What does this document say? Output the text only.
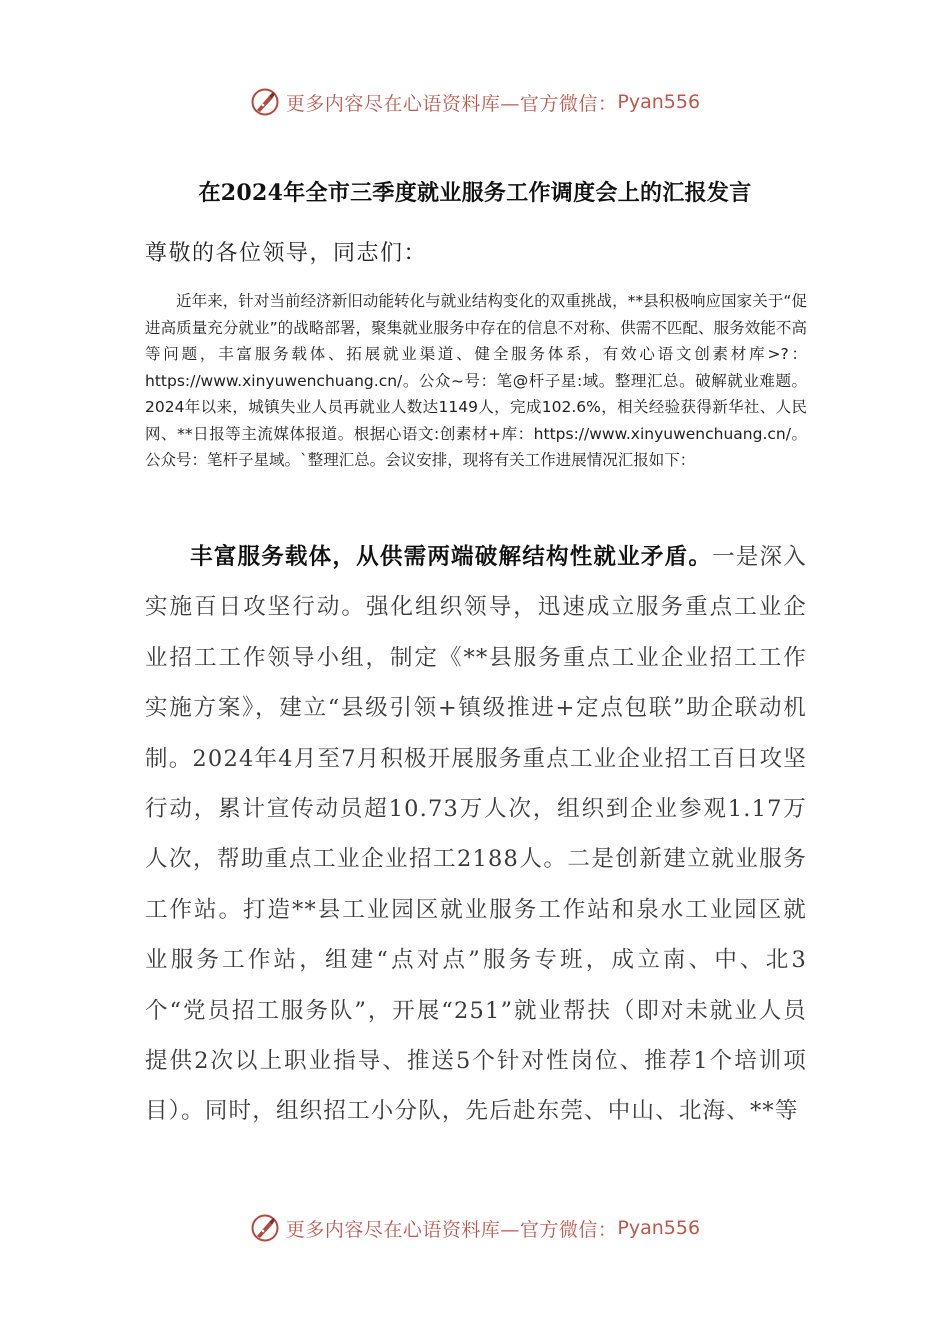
更多内容尽在心语资料库—官方微信： Pyan556
在2024年全市三季度就业服务工作调度会上的汇报发言
尊敬的各位领导，同志们：
近年来，针对当前经济新旧动能转化与就业结构变化的双重挑战，**县积极响应国家关于“促进高质量充分就业”的战略部署，聚集就业服务中存在的信息不对称、供需不匹配、服务效能不高等问题，丰富服务载体、拓展就业渠道、健全服务体系，有效心语文创素材库>?：https://www.xinyuwenchuang.cn/。公众~号：笔@杆子星:域。整理汇总。破解就业难题。2024年以来，城镇失业人员再就业人数达1149人，完成102.6%，相关经验获得新华社、人民网、**日报等主流媒体报道。根据心语文:创素材+库：https://www.xinyuwenchuang.cn/。公众号：笔杆子星域。`整理汇总。会议安排，现将有关工作进展情况汇报如下：
丰富服务载体，从供需两端破解结构性就业矛盾。一是深入实施百日攻坚行动。强化组织领导，迅速成立服务重点工业企业招工工作领导小组，制定《**县服务重点工业企业招工工作实施方案》，建立“县级引领+镇级推进+定点包联”助企联动机制。2024年4月至7月积极开展服务重点工业企业招工百日攻坚行动，累计宣传动员超10.73万人次，组织到企业参观1.17万人次，帮助重点工业企业招工2188人。二是创新建立就业服务工作站。打造**县工业园区就业服务工作站和泉水工业园区就业服务工作站，组建“点对点”服务专班，成立南、中、北3个“党员招工服务队”，开展“251”就业帮扶（即对未就业人员提供2次以上职业指导、推送5个针对性岗位、推荐1个培训项目）。同时，组织招工小分队，先后赴东莞、中山、北海、**等
更多内容尽在心语资料库—官方微信： Pyan556
